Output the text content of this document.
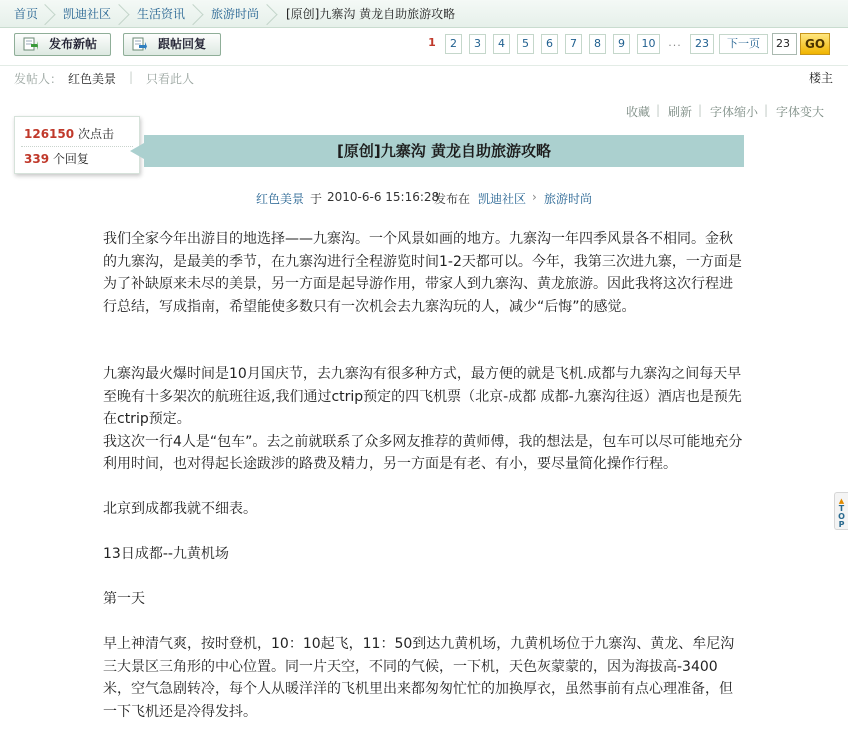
首页 凯迪社区 生活资讯 旅游时尚 [原创]九寨沟 黄龙自助旅游攻略
发布新帖	跟帖回复	1	2	3	4	5	6	7	8	9	10	...	23	下一页	23	GO
发帖人： 红色美景 | 只看此人	楼主
收藏 | 刷新 | 字体缩小 | 字体变大
126150 次点击
339 个回复	[原创]九寨沟 黄龙自助旅游攻略
红色美景 于 2010-6-6 15:16:28
发布在 凯迪社区 › 旅游时尚

我们全家今年出游目的地选择——九寨沟。一个风景如画的地方。九寨沟一年四季风景各不相同。金秋的九寨沟，是最美的季节，在九寨沟进行全程游览时间1-2天都可以。今年，我第三次进九寨，一方面是为了补缺原来未尽的美景，另一方面是起导游作用，带家人到九寨沟、黄龙旅游。因此我将这次行程进行总结，写成指南，希望能使多数只有一次机会去九寨沟玩的人，减少“后悔”的感觉。

九寨沟最火爆时间是10月国庆节，去九寨沟有很多种方式，最方便的就是飞机.成都与九寨沟之间每天早至晚有十多架次的航班往返,我们通过ctrip预定的四飞机票（北京-成都 成都-九寨沟往返）酒店也是预先在ctrip预定。

我这次一行4人是“包车”。去之前就联系了众多网友推荐的黄师傅，我的想法是，包车可以尽可能地充分利用时间，也对得起长途跋涉的路费及精力，另一方面是有老、有小，要尽量简化操作行程。

北京到成都我就不细表。

13日成都--九黄机场

第一天

早上神清气爽，按时登机，10：10起飞，11：50到达九黄机场，九黄机场位于九寨沟、黄龙、牟尼沟三大景区三角形的中心位置。同一片天空，不同的气候，一下机，天色灰蒙蒙的，因为海拔高-3400米，空气急剧转冷，每个人从暖洋洋的飞机里出来都匆匆忙忙的加换厚衣，虽然事前有点心理准备，但一下飞机还是冷得发抖。

▲
TOP
